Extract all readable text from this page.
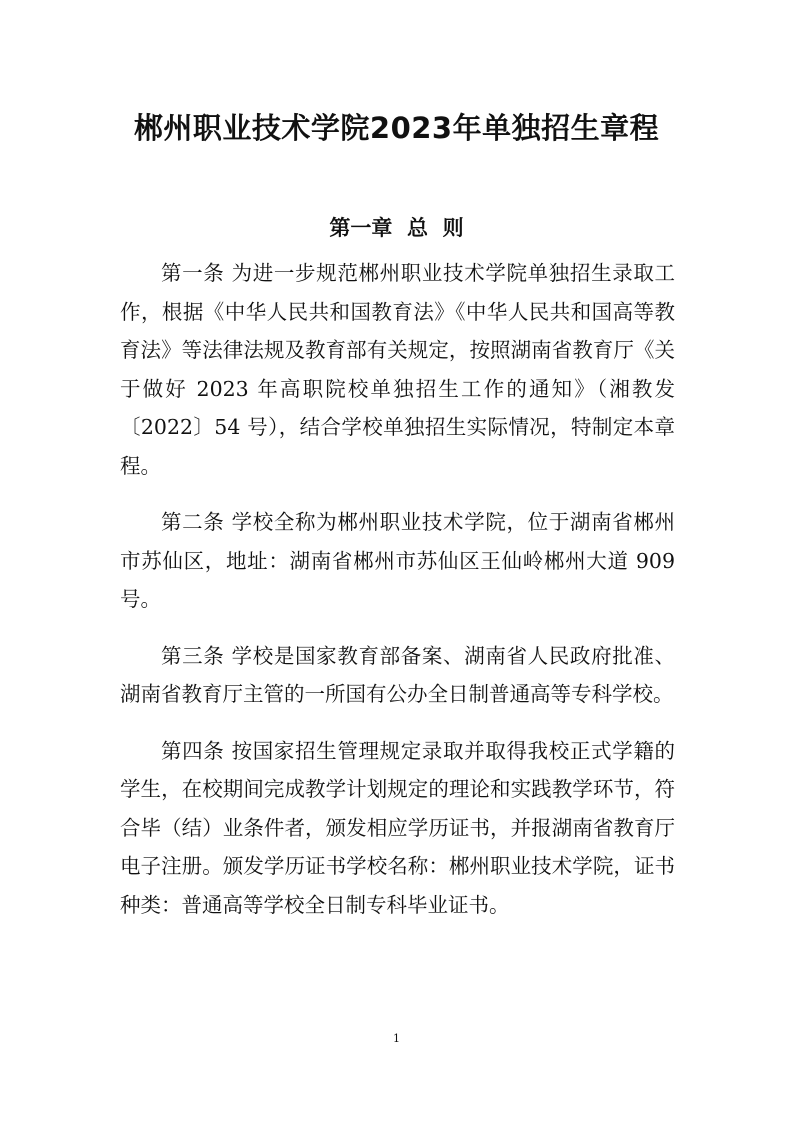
郴州职业技术学院2023年单独招生章程
第一章  总  则

第一条 为进一步规范郴州职业技术学院单独招生录取工作，根据《中华人民共和国教育法》《中华人民共和国高等教育法》等法律法规及教育部有关规定，按照湖南省教育厅《关于做好 2023 年高职院校单独招生工作的通知》（湘教发〔2022〕54 号），结合学校单独招生实际情况，特制定本章程。

第二条 学校全称为郴州职业技术学院，位于湖南省郴州市苏仙区，地址：湖南省郴州市苏仙区王仙岭郴州大道 909 号。

第三条 学校是国家教育部备案、湖南省人民政府批准、湖南省教育厅主管的一所国有公办全日制普通高等专科学校。

第四条 按国家招生管理规定录取并取得我校正式学籍的学生，在校期间完成教学计划规定的理论和实践教学环节，符合毕（结）业条件者，颁发相应学历证书，并报湖南省教育厅电子注册。颁发学历证书学校名称：郴州职业技术学院，证书种类：普通高等学校全日制专科毕业证书。

1
